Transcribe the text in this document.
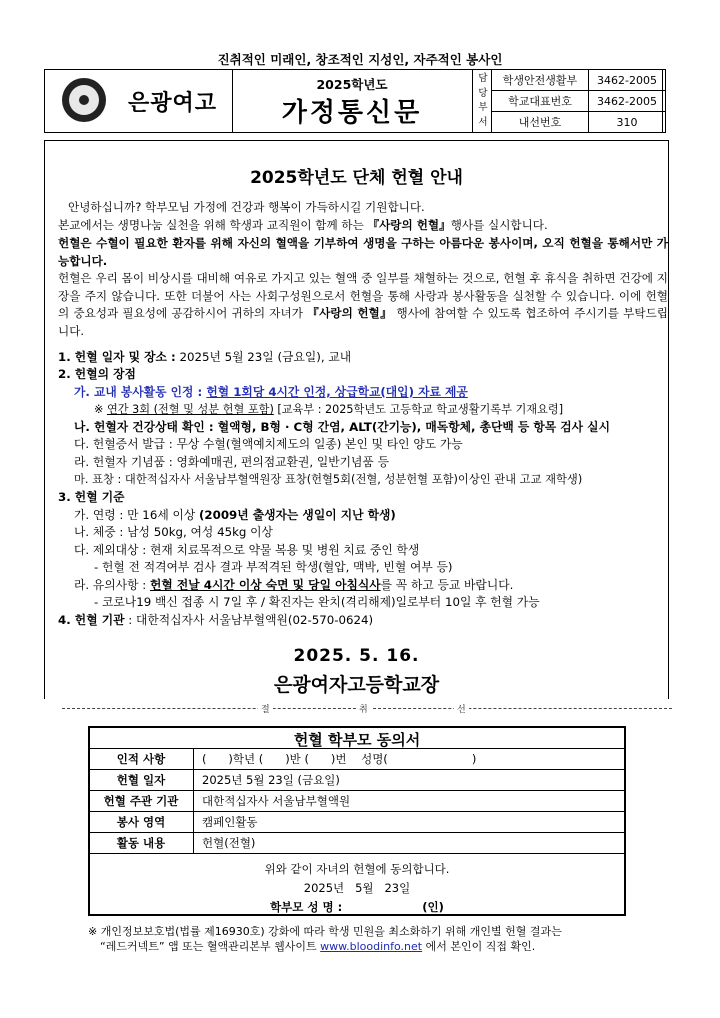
진취적인 미래인, 창조적인 지성인, 자주적인 봉사인
은광여고
2025학년도
가정통신문
담
당
부
서
학생안전생활부	3462-2005
학교대표번호	3462-2005
내선번호	310
2025학년도 단체 헌혈 안내
안녕하십니까? 학부모님 가정에 건강과 행복이 가득하시길 기원합니다.
본교에서는 생명나눔 실천을 위해 학생과 교직원이 함께 하는 『사랑의 헌혈』행사를 실시합니다.
헌혈은 수혈이 필요한 환자를 위해 자신의 혈액을 기부하여 생명을 구하는 아름다운 봉사이며, 오직 헌혈을 통해서만 가능합니다.
헌혈은 우리 몸이 비상시를 대비해 여유로 가지고 있는 혈액 중 일부를 채혈하는 것으로, 헌혈 후 휴식을 취하면 건강에 지장을 주지 않습니다. 또한 더불어 사는 사회구성원으로서 헌혈을 통해 사랑과 봉사활동을 실천할 수 있습니다. 이에 헌혈의 중요성과 필요성에 공감하시어 귀하의 자녀가 『사랑의 헌혈』 행사에 참여할 수 있도록 협조하여 주시기를 부탁드립니다.
1. 헌혈 일자 및 장소 : 2025년 5월 23일 (금요일), 교내
2. 헌혈의 장점
가. 교내 봉사활동 인정 : 헌혈 1회당 4시간 인정, 상급학교(대입) 자료 제공
※ 연간 3회 (전혈 및 성분 헌혈 포함) [교육부 : 2025학년도 고등학교 학교생활기록부 기재요령]
나. 헌혈자 건강상태 확인 : 혈액형, B형 · C형 간염, ALT(간기능), 매독항체, 총단백 등 항목 검사 실시
다. 헌혈증서 발급 : 무상 수혈(혈액예치제도의 일종) 본인 및 타인 양도 가능
라. 헌혈자 기념품 : 영화예매권, 편의점교환권, 일반기념품 등
마. 표창 : 대한적십자사 서울남부혈액원장 표창(헌혈5회(전혈, 성분헌혈 포함)이상인 관내 고교 재학생)
3. 헌혈 기준
가. 연령 : 만 16세 이상 (2009년 출생자는 생일이 지난 학생)
나. 체중 : 남성 50kg, 여성 45kg 이상
다. 제외대상 : 현재 치료목적으로 약물 복용 및 병원 치료 중인 학생
- 헌혈 전 적격여부 검사 결과 부적격된 학생(혈압, 맥박, 빈혈 여부 등)
라. 유의사항 : 헌혈 전날 4시간 이상 숙면 및 당일 아침식사를 꼭 하고 등교 바랍니다.
- 코로나19 백신 접종 시 7일 후 / 확진자는 완치(격리해제)일로부터 10일 후 헌혈 가능
4. 헌혈 기관 : 대한적십자사 서울남부혈액원(02-570-0624)
2025. 5. 16.
은광여자고등학교장
절	취	선
헌혈 학부모 동의서
인적 사항	(      )학년 (      )반 (      )번    성명(                       )
헌혈 일자	2025년 5월 23일 (금요일)
헌혈 주관 기관	대한적십자사 서울남부혈액원
봉사 영역	캠페인활동
활동 내용	헌혈(전혈)
위와 같이 자녀의 헌혈에 동의합니다.
2025년   5월   23일
학부모 성 명 :                    (인)
※ 개인정보보호법(법률 제16930호) 강화에 따라 학생 민원을 최소화하기 위해 개인별 헌혈 결과는
“레드커넥트” 앱 또는 혈액관리본부 웹사이트 www.bloodinfo.net 에서 본인이 직접 확인.
